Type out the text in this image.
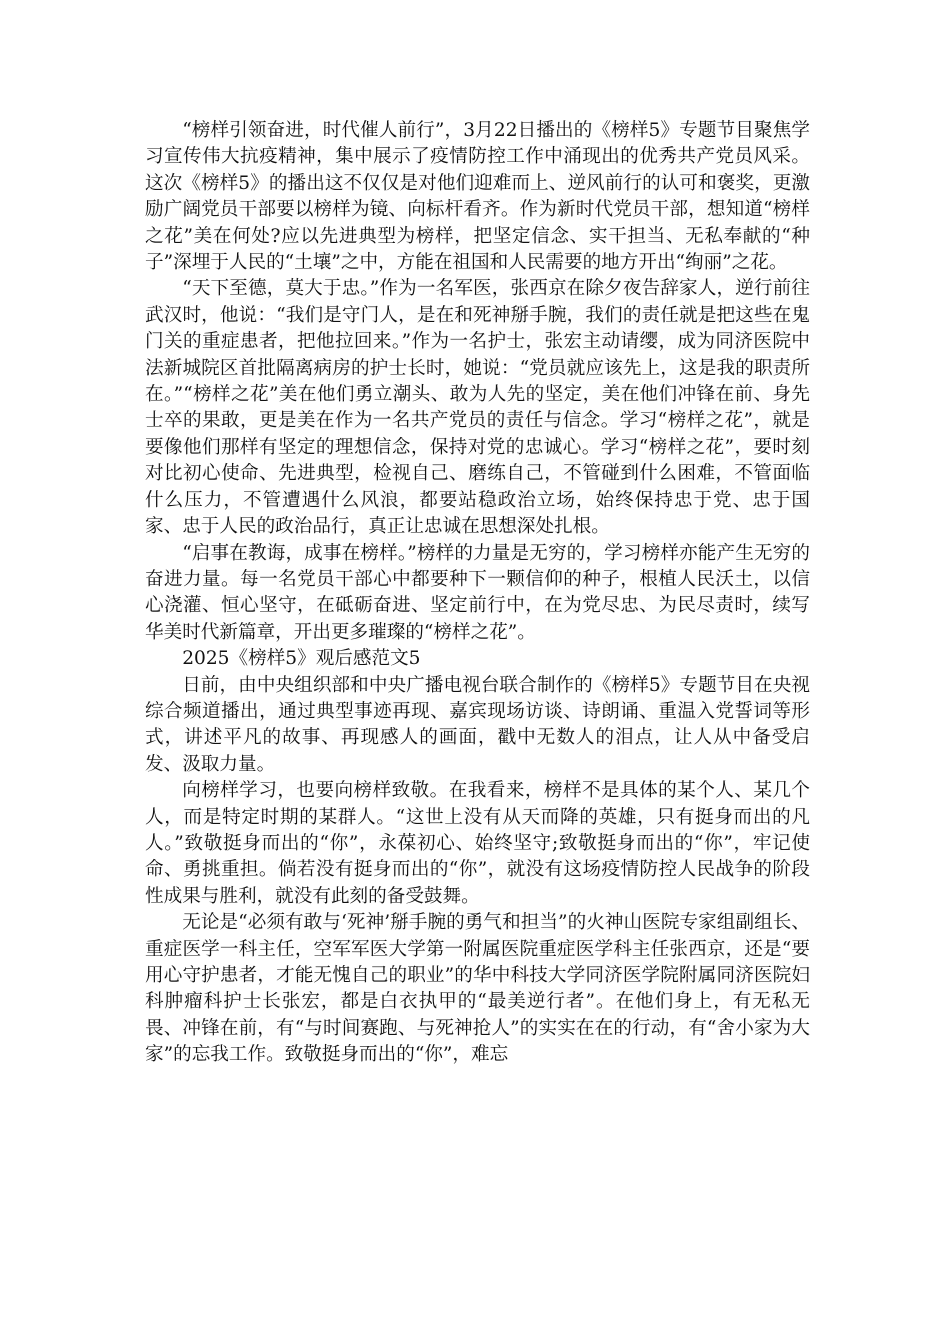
“榜样引领奋进，时代催人前行”，3月22日播出的《榜样5》专题节目聚焦学习宣传伟大抗疫精神，集中展示了疫情防控工作中涌现出的优秀共产党员风采。这次《榜样5》的播出这不仅仅是对他们迎难而上、逆风前行的认可和褒奖，更激励广阔党员干部要以榜样为镜、向标杆看齐。作为新时代党员干部，想知道“榜样之花”美在何处?应以先进典型为榜样，把坚定信念、实干担当、无私奉献的“种子”深埋于人民的“土壤”之中，方能在祖国和人民需要的地方开出“绚丽”之花。

“天下至德，莫大于忠。”作为一名军医，张西京在除夕夜告辞家人，逆行前往武汉时，他说：“我们是守门人，是在和死神掰手腕，我们的责任就是把这些在鬼门关的重症患者，把他拉回来。”作为一名护士，张宏主动请缨，成为同济医院中法新城院区首批隔离病房的护士长时，她说：“党员就应该先上，这是我的职责所在。”“榜样之花”美在他们勇立潮头、敢为人先的坚定，美在他们冲锋在前、身先士卒的果敢，更是美在作为一名共产党员的责任与信念。学习“榜样之花”，就是要像他们那样有坚定的理想信念，保持对党的忠诚心。学习“榜样之花”，要时刻对比初心使命、先进典型，检视自己、磨练自己，不管碰到什么困难，不管面临什么压力，不管遭遇什么风浪，都要站稳政治立场，始终保持忠于党、忠于国家、忠于人民的政治品行，真正让忠诚在思想深处扎根。

“启事在教诲，成事在榜样。”榜样的力量是无穷的，学习榜样亦能产生无穷的奋进力量。每一名党员干部心中都要种下一颗信仰的种子，根植人民沃土，以信心浇灌、恒心坚守，在砥砺奋进、坚定前行中，在为党尽忠、为民尽责时，续写华美时代新篇章，开出更多璀璨的“榜样之花”。

2025《榜样5》观后感范文5

日前，由中央组织部和中央广播电视台联合制作的《榜样5》专题节目在央视综合频道播出，通过典型事迹再现、嘉宾现场访谈、诗朗诵、重温入党誓词等形式，讲述平凡的故事、再现感人的画面，戳中无数人的泪点，让人从中备受启发、汲取力量。

向榜样学习，也要向榜样致敬。在我看来，榜样不是具体的某个人、某几个人，而是特定时期的某群人。“这世上没有从天而降的英雄，只有挺身而出的凡人。”致敬挺身而出的“你”，永葆初心、始终坚守;致敬挺身而出的“你”，牢记使命、勇挑重担。倘若没有挺身而出的“你”，就没有这场疫情防控人民战争的阶段性成果与胜利，就没有此刻的备受鼓舞。

无论是“必须有敢与‘死神’掰手腕的勇气和担当”的火神山医院专家组副组长、重症医学一科主任，空军军医大学第一附属医院重症医学科主任张西京，还是“要用心守护患者，才能无愧自己的职业”的华中科技大学同济医学院附属同济医院妇科肿瘤科护士长张宏，都是白衣执甲的“最美逆行者”。在他们身上，有无私无畏、冲锋在前，有“与时间赛跑、与死神抢人”的实实在在的行动，有“舍小家为大家”的忘我工作。致敬挺身而出的“你”，难忘
